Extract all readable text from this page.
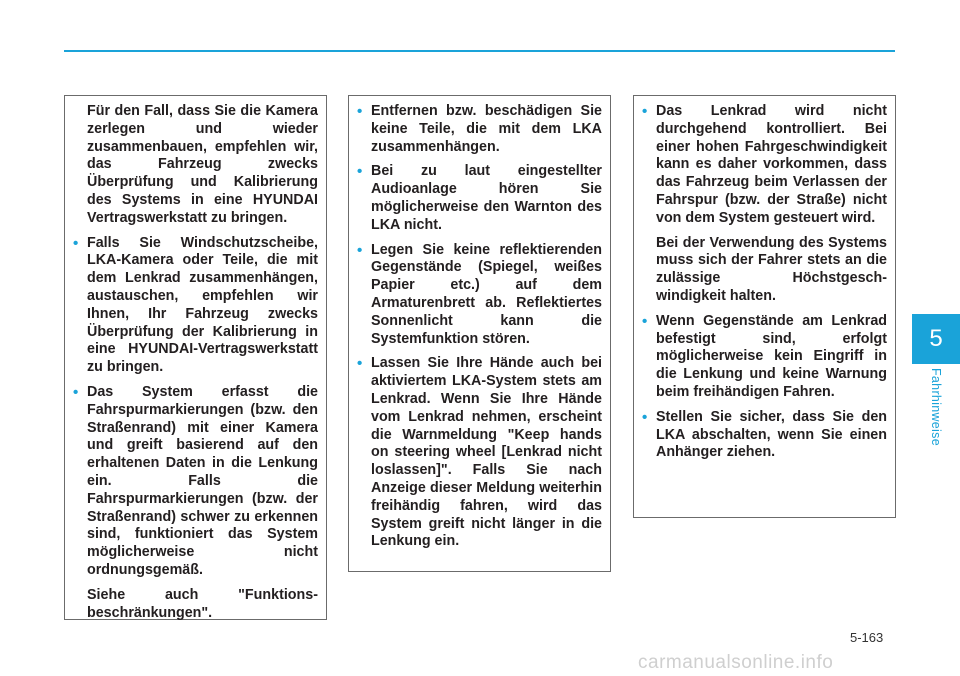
Für den Fall, dass Sie die Kamera zerlegen und wieder zusammenbauen, empfehlen wir, das Fahrzeug zwecks Überprüfung und Kalibrierung des Systems in eine HYUNDAI Vertragswerkstatt zu bringen.

• Falls Sie Windschutzscheibe, LKA-Kamera oder Teile, die mit dem Lenkrad zusammenhängen, austauschen, empfehlen wir Ihnen, Ihr Fahrzeug zwecks Überprüfung der Kalibrierung in eine HYUNDAI-Vertragswerkstatt zu bringen.

• Das System erfasst die Fahrspurmarkierungen (bzw. den Straßenrand) mit einer Kamera und greift basierend auf den erhaltenen Daten in die Lenkung ein. Falls die Fahrspurmarkierungen (bzw. der Straßenrand) schwer zu erkennen sind, funktioniert das System möglicherweise nicht ordnungsgemäß.

Siehe auch "Funktions-beschränkungen".

• Entfernen bzw. beschädigen Sie keine Teile, die mit dem LKA zusammenhängen.

• Bei zu laut eingestellter Audioanlage hören Sie möglicherweise den Warnton des LKA nicht.

• Legen Sie keine reflektierenden Gegenstände (Spiegel, weißes Papier etc.) auf dem Armaturenbrett ab. Reflektiertes Sonnenlicht kann die Systemfunktion stören.

• Lassen Sie Ihre Hände auch bei aktiviertem LKA-System stets am Lenkrad. Wenn Sie Ihre Hände vom Lenkrad nehmen, erscheint die Warnmeldung "Keep hands on steering wheel [Lenkrad nicht loslassen]". Falls Sie nach Anzeige dieser Meldung weiterhin freihändig fahren, wird das System greift nicht länger in die Lenkung ein.

• Das Lenkrad wird nicht durchgehend kontrolliert. Bei einer hohen Fahrgeschwindigkeit kann es daher vorkommen, dass das Fahrzeug beim Verlassen der Fahrspur (bzw. der Straße) nicht von dem System gesteuert wird.

Bei der Verwendung des Systems muss sich der Fahrer stets an die zulässige Höchstgesch-windigkeit halten.

• Wenn Gegenstände am Lenkrad befestigt sind, erfolgt möglicherweise kein Eingriff in die Lenkung und keine Warnung beim freihändigen Fahren.

• Stellen Sie sicher, dass Sie den LKA abschalten, wenn Sie einen Anhänger ziehen.

5
Fahrhinweise
5-163
carmanualsonline.info
